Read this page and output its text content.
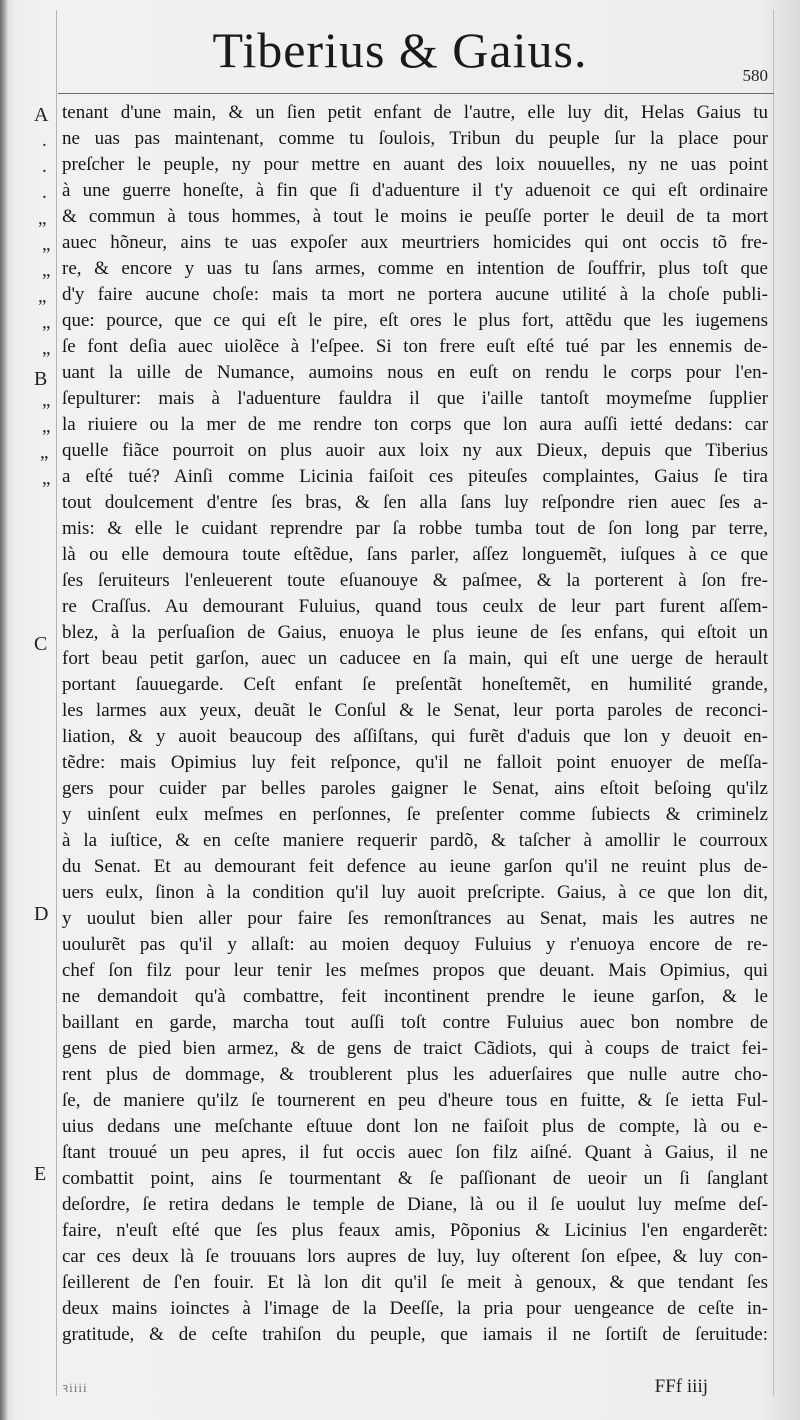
Tiberius & Gaius.	580
A
B
C
D
E
.
.
.
„
„
„
„
„
„
„
„
„
„
tenant d'une main, & un ſien petit enfant de l'autre, elle luy dit, Helas Gaius tu
ne uas pas maintenant, comme tu ſoulois, Tribun du peuple ſur la place pour
preſcher le peuple, ny pour mettre en auant des loix nouuelles, ny ne uas point
à une guerre honeſte, à fin que ſi d'aduenture il t'y aduenoit ce qui eſt ordinaire
& commun à tous hommes, à tout le moins ie peuſſe porter le deuil de ta mort
auec hõneur, ains te uas expoſer aux meurtriers homicides qui ont occis tõ fre-
re, & encore y uas tu ſans armes, comme en intention de ſouffrir, plus toſt que
d'y faire aucune choſe: mais ta mort ne portera aucune utilité à la choſe publi-
que: pource, que ce qui eſt le pire, eſt ores le plus fort, attẽdu que les iugemens
ſe font deſia auec uiolẽce à l'eſpee. Si ton frere euſt eſté tué par les ennemis de-
uant la uille de Numance, aumoins nous en euſt on rendu le corps pour l'en-
ſepulturer: mais à l'aduenture fauldra il que i'aille tantoſt moymeſme ſupplier
la riuiere ou la mer de me rendre ton corps que lon aura auſſi ietté dedans: car
quelle fiãce pourroit on plus auoir aux loix ny aux Dieux, depuis que Tiberius
a eſté tué? Ainſi comme Licinia faiſoit ces piteuſes complaintes, Gaius ſe tira
tout doulcement d'entre ſes bras, & ſen alla ſans luy reſpondre rien auec ſes a-
mis: & elle le cuidant reprendre par ſa robbe tumba tout de ſon long par terre,
là ou elle demoura toute eſtẽdue, ſans parler, aſſez longuemẽt, iuſques à ce que
ſes ſeruiteurs l'enleuerent toute eſuanouye & paſmee, & la porterent à ſon fre-
re Craſſus. Au demourant Fuluius, quand tous ceulx de leur part furent aſſem-
blez, à la perſuaſion de Gaius, enuoya le plus ieune de ſes enfans, qui eſtoit un
fort beau petit garſon, auec un caducee en ſa main, qui eſt une uerge de herault
portant ſauuegarde. Ceſt enfant ſe preſentãt honeſtemẽt, en humilité grande,
les larmes aux yeux, deuãt le Conſul & le Senat, leur porta paroles de reconci-
liation, & y auoit beaucoup des aſſiſtans, qui furẽt d'aduis que lon y deuoit en-
tẽdre: mais Opimius luy feit reſponce, qu'il ne falloit point enuoyer de meſſa-
gers pour cuider par belles paroles gaigner le Senat, ains eſtoit beſoing qu'ilz
y uinſent eulx meſmes en perſonnes, ſe preſenter comme ſubiects & criminelz
à la iuſtice, & en ceſte maniere requerir pardõ, & taſcher à amollir le courroux
du Senat. Et au demourant feit defence au ieune garſon qu'il ne reuint plus de-
uers eulx, ſinon à la condition qu'il luy auoit preſcripte. Gaius, à ce que lon dit,
y uoulut bien aller pour faire ſes remonſtrances au Senat, mais les autres ne
uoulurẽt pas qu'il y allaſt: au moien dequoy Fuluius y r'enuoya encore de re-
chef ſon filz pour leur tenir les meſmes propos que deuant. Mais Opimius, qui
ne demandoit qu'à combattre, feit incontinent prendre le ieune garſon, & le
baillant en garde, marcha tout auſſi toſt contre Fuluius auec bon nombre de
gens de pied bien armez, & de gens de traict Cãdiots, qui à coups de traict fei-
rent plus de dommage, & troublerent plus les aduerſaires que nulle autre cho-
ſe, de maniere qu'ilz ſe tournerent en peu d'heure tous en fuitte, & ſe ietta Ful-
uius dedans une meſchante eſtuue dont lon ne faiſoit plus de compte, là ou e-
ſtant trouué un peu apres, il fut occis auec ſon filz aiſné. Quant à Gaius, il ne
combattit point, ains ſe tourmentant & ſe paſſionant de ueoir un ſi ſanglant
deſordre, ſe retira dedans le temple de Diane, là ou il ſe uoulut luy meſme deſ-
faire, n'euſt eſté que ſes plus feaux amis, Põponius & Licinius l'en engarderẽt:
car ces deux là ſe trouuans lors aupres de luy, luy oſterent ſon eſpee, & luy con-
ſeillerent de ſ'en fouir. Et là lon dit qu'il ſe meit à genoux, & que tendant ſes
deux mains ioinctes à l'image de la Deeſſe, la pria pour uengeance de ceſte in-
gratitude, & de ceſte trahiſon du peuple, que iamais il ne ſortiſt de ſeruitude:
ꝛiiii	FFf iiij
